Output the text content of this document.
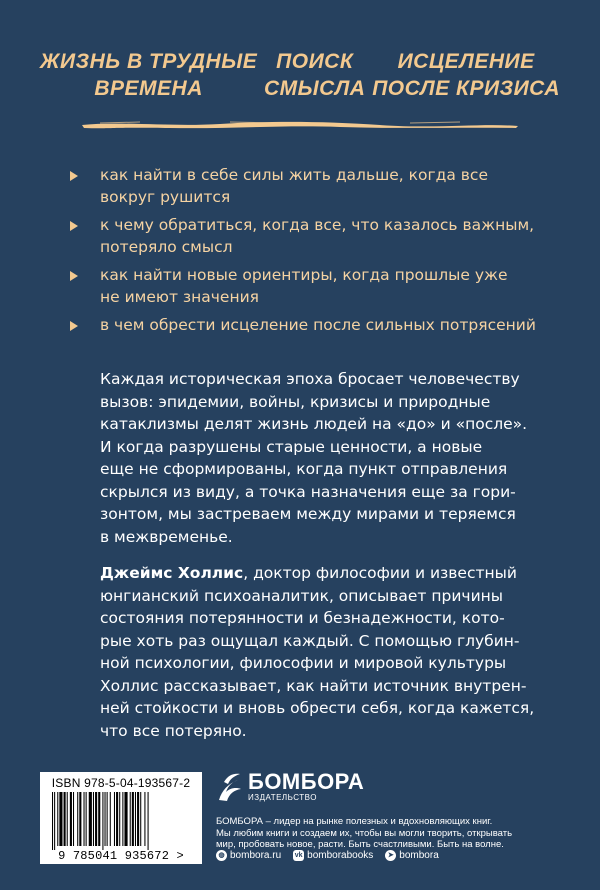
ЖИЗНЬ В ТРУДНЫЕ
ВРЕМЕНА
ПОИСК
СМЫСЛА
ИСЦЕЛЕНИЕ
ПОСЛЕ КРИЗИСА
как найти в себе силы жить дальше, когда все
вокруг рушится
к чему обратиться, когда все, что казалось важным,
потеряло смысл
как найти новые ориентиры, когда прошлые уже
не имеют значения
в чем обрести исцеление после сильных потрясений

Каждая историческая эпоха бросает человечеству
вызов: эпидемии, войны, кризисы и природные
катаклизмы делят жизнь людей на «до» и «после».
И когда разрушены старые ценности, а новые
еще не сформированы, когда пункт отправления
скрылся из виду, а точка назначения еще за гори-
зонтом, мы застреваем между мирами и теряемся
в межвременье.

Джеймс Холлис, доктор философии и известный
юнгианский психоаналитик, описывает причины
состояния потерянности и безнадежности, кото-
рые хоть раз ощущал каждый. С помощью глубин-
ной психологии, философии и мировой культуры
Холлис рассказывает, как найти источник внутрен-
ней стойкости и вновь обрести себя, когда кажется,
что все потеряно.

ISBN 978-5-04-193567-2
9 785041 935672 >
БОМБОРА
ИЗДАТЕЛЬСТВО
БОМБОРА – лидер на рынке полезных и вдохновляющих книг.
Мы любим книги и создаем их, чтобы вы могли творить, открывать
мир, пробовать новое, расти. Быть счастливыми. Быть на волне.
◍ bombora.ru vk bomborabooks	➤ bombora
